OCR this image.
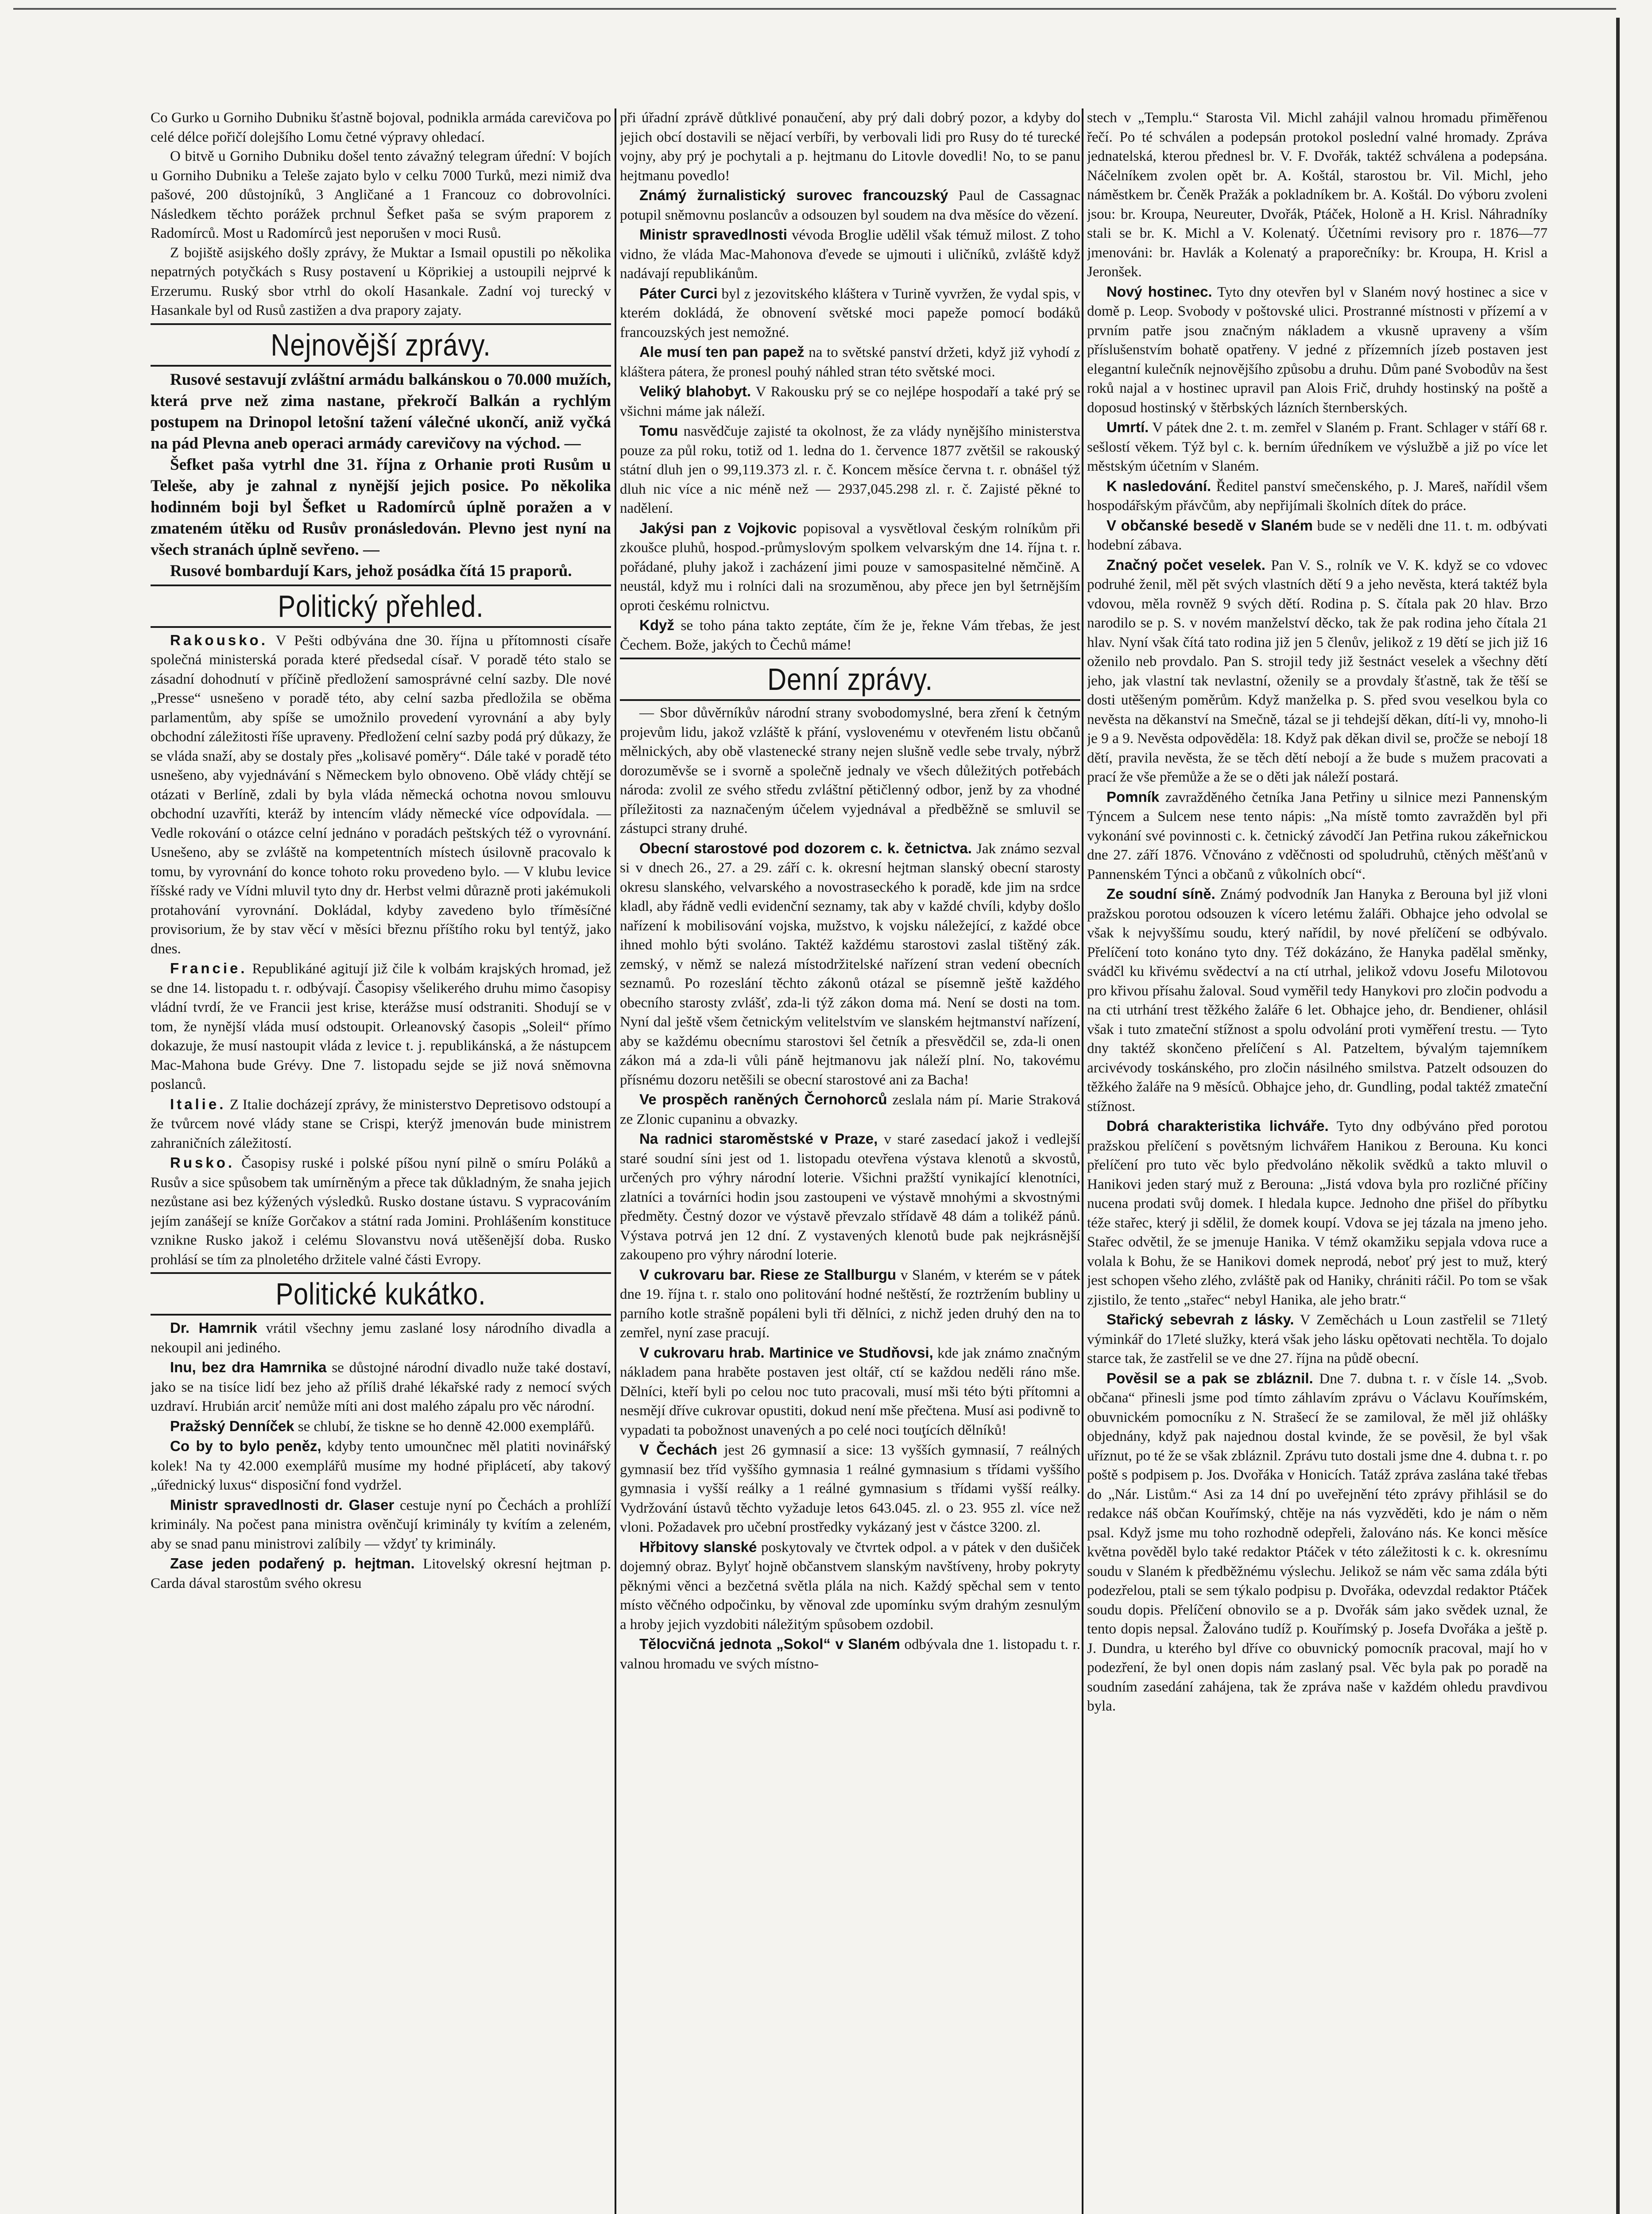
Co Gurko u Gorniho Dubniku šťastně bojoval, podnikla armáda carevičova po celé délce pořičí dolejšího Lomu četné výpravy ohledací.

O bitvě u Gorniho Dubniku došel tento závažný telegram úřední: V bojích u Gorniho Dubniku a Teleše zajato bylo v celku 7000 Turků, mezi nimiž dva pašové, 200 důstojníků, 3 Angličané a 1 Francouz co dobrovolníci. Následkem těchto porážek prchnul Šefket paša se svým praporem z Radomírců. Most u Radomírců jest neporušen v moci Rusů.

Z bojiště asijského došly zprávy, že Muktar a Ismail opustili po několika nepatrných potyčkách s Rusy postavení u Köprikiej a ustoupili nejprvé k Erzerumu. Ruský sbor vtrhl do okolí Hasankale. Zadní voj turecký v Hasankale byl od Rusů zastižen a dva prapory zajaty.

Nejnovější zprávy.

Rusové sestavují zvláštní armádu balkánskou o 70.000 mužích, která prve než zima nastane, překročí Balkán a rychlým postupem na Drinopol letošní tažení válečné ukončí, aniž vyčká na pád Plevna aneb operaci armády carevičovy na východ. —

Šefket paša vytrhl dne 31. října z Orhanie proti Rusům u Teleše, aby je zahnal z nynější jejich posice. Po několika hodinném boji byl Šefket u Radomírců úplně poražen a v zmateném útěku od Rusův pronásledován. Plevno jest nyní na všech stranách úplně sevřeno. —

Rusové bombardují Kars, jehož posádka čítá 15 praporů.

Politický přehled.

Rakousko. V Pešti odbývána dne 30. října u přítomnosti císaře společná ministerská porada které předsedal císař. V poradě této stalo se zásadní dohodnutí v příčině předložení samosprávné celní sazby. Dle nové „Presse“ usnešeno v poradě této, aby celní sazba předložila se oběma parlamentům, aby spíše se umožnilo provedení vyrovnání a aby byly obchodní záležitosti říše upraveny. Předložení celní sazby podá prý důkazy, že se vláda snaží, aby se dostaly přes „kolisavé poměry“. Dále také v poradě této usnešeno, aby vyjednávání s Německem bylo obnoveno. Obě vlády chtějí se otázati v Berlíně, zdali by byla vláda německá ochotna novou smlouvu obchodní uzavříti, kteráž by intencím vlády německé více odpovídala. — Vedle rokování o otázce celní jednáno v poradách peštských též o vyrovnání. Usnešeno, aby se zvláště na kompetentních místech úsilovně pracovalo k tomu, by vyrovnání do konce tohoto roku provedeno bylo. — V klubu levice říšské rady ve Vídni mluvil tyto dny dr. Herbst velmi důrazně proti jakémukoli protahování vyrovnání. Dokládal, kdyby zavedeno bylo tříměsíčné provisorium, že by stav věcí v měsíci březnu příštího roku byl tentýž, jako dnes.

Francie. Republikáné agitují již čile k volbám krajských hromad, jež se dne 14. listopadu t. r. odbývají. Časopisy všelikerého druhu mimo časopisy vládní tvrdí, že ve Francii jest krise, kterážse musí odstraniti. Shodují se v tom, že nynější vláda musí odstoupit. Orleanovský časopis „Soleil“ přímo dokazuje, že musí nastoupit vláda z levice t. j. republikánská, a že nástupcem Mac-Mahona bude Grévy. Dne 7. listopadu sejde se již nová sněmovna poslanců.

Italie. Z Italie docházejí zprávy, že ministerstvo Depretisovo odstoupí a že tvůrcem nové vlády stane se Crispi, kterýž jmenován bude ministrem zahraničních záležitostí.

Rusko. Časopisy ruské i polské píšou nyní pilně o smíru Poláků a Rusův a sice spůsobem tak umírněným a přece tak důkladným, že snaha jejich nezůstane asi bez kýžených výsledků. Rusko dostane ústavu. S vypracováním jejím zanášejí se kníže Gorčakov a státní rada Jomini. Prohlášením konstituce vznikne Rusko jakož i celému Slovanstvu nová utěšenější doba. Rusko prohlásí se tím za plnoletého držitele valné části Evropy.

Politické kukátko.

Dr. Hamrnik vrátil všechny jemu zaslané losy národního divadla a nekoupil ani jediného.

Inu, bez dra Hamrnika se důstojné národní divadlo nuže také dostaví, jako se na tisíce lidí bez jeho až příliš drahé lékařské rady z nemocí svých uzdraví. Hrubián arciť nemůže míti ani dost malého zápalu pro věc národní.

Pražský Denníček se chlubí, že tiskne se ho denně 42.000 exemplářů.

Co by to bylo peněz, kdyby tento umounčnec měl platiti novinářský kolek! Na ty 42.000 exemplářů musíme my hodné připlácetí, aby takový „úřednický luxus“ disposiční fond vydržel.

Ministr spravedlnosti dr. Glaser cestuje nyní po Čechách a prohlíží kriminály. Na počest pana ministra ověnčují kriminály ty kvítím a zeleném, aby se snad panu ministrovi zalíbily — vždyť ty kriminály.

Zase jeden podařený p. hejtman. Litovelský okresní hejtman p. Carda dával starostům svého okresu

při úřadní zprávě důtklivé ponaučení, aby prý dali dobrý pozor, a kdyby do jejich obcí dostavili se nějací verbíři, by verbovali lidi pro Rusy do té turecké vojny, aby prý je pochytali a p. hejtmanu do Litovle dovedli! No, to se panu hejtmanu povedlo!

Známý žurnalistický surovec francouzský Paul de Cassagnac potupil sněmovnu poslancův a odsouzen byl soudem na dva měsíce do vězení.

Ministr spravedlnosti vévoda Broglie udělil však témuž milost. Z toho vidno, že vláda Mac-Mahonova ďevede se ujmouti i uličníků, zvláště když nadávají republikánům.

Páter Curci byl z jezovitského kláštera v Turině vyvržen, že vydal spis, v kterém dokládá, že obnovení světské moci papeže pomocí bodáků francouzských jest nemožné.

Ale musí ten pan papež na to světské panství držeti, když již vyhodí z kláštera pátera, že pronesl pouhý náhled stran této světské moci.

Veliký blahobyt. V Rakousku prý se co nejlépe hospodaří a také prý se všichni máme jak náleží.

Tomu nasvědčuje zajisté ta okolnost, že za vlády nynějšího ministerstva pouze za půl roku, totiž od 1. ledna do 1. července 1877 zvětšil se rakouský státní dluh jen o 99,119.373 zl. r. č. Koncem měsíce června t. r. obnášel týž dluh nic více a nic méně než — 2937,045.298 zl. r. č. Zajisté pěkné to nadělení.

Jakýsi pan z Vojkovic popisoval a vysvětloval českým rolníkům při zkoušce pluhů, hospod.-průmyslovým spolkem velvarským dne 14. října t. r. pořádané, pluhy jakož i zacházení jimi pouze v samospasitelné němčině. A neustál, když mu i rolníci dali na srozuměnou, aby přece jen byl šetrnějším oproti českému rolnictvu.

Když se toho pána takto zeptáte, čím že je, řekne Vám třebas, že jest Čechem. Bože, jakých to Čechů máme!

Denní zprávy.

— Sbor důvěrníkův národní strany svobodomyslné, bera zření k četným projevům lidu, jakož vzláště k přání, vyslovenému v otevřeném listu občanů mělnických, aby obě vlastenecké strany nejen slušně vedle sebe trvaly, nýbrž dorozuměvše se i svorně a společně jednaly ve všech důležitých potřebách národa: zvolil ze svého středu zvláštní pětičlenný odbor, jenž by za vhodné příležitosti za naznačeným účelem vyjednával a předběžně se smluvil se zástupci strany druhé.

Obecní starostové pod dozorem c. k. četnictva. Jak známo sezval si v dnech 26., 27. a 29. září c. k. okresní hejtman slanský obecní starosty okresu slanského, velvarského a novostraseckého k poradě, kde jim na srdce kladl, aby řádně vedli evidenční seznamy, tak aby v každé chvíli, kdyby došlo nařízení k mobilisování vojska, mužstvo, k vojsku náležející, z každé obce ihned mohlo býti svoláno. Taktéž každému starostovi zaslal tištěný zák. zemský, v němž se nalezá místodržitelské nařízení stran vedení obecních seznamů. Po rozeslání těchto zákonů otázal se písemně ještě každého obecního starosty zvlášť, zda-li týž zákon doma má. Není se dosti na tom. Nyní dal ještě všem četnickým velitelstvím ve slanském hejtmanství nařízení, aby se každému obecnímu starostovi šel četník a přesvědčil se, zda-li onen zákon má a zda-li vůli páně hejtmanovu jak náleží plní. No, takovému přísnému dozoru netěšili se obecní starostové ani za Bacha!

Ve prospěch raněných Černohorců zeslala nám pí. Marie Straková ze Zlonic cupaninu a obvazky.

Na radnici staroměstské v Praze, v staré zasedací jakož i vedlejší staré soudní síni jest od 1. listopadu otevřena výstava klenotů a skvostů, určených pro výhry národní loterie. Všichni pražští vynikající klenotníci, zlatníci a továrníci hodin jsou zastoupeni ve výstavě mnohými a skvostnými předměty. Čestný dozor ve výstavě převzalo střídavě 48 dám a tolikéž pánů. Výstava potrvá jen 12 dní. Z vystavených klenotů bude pak nejkrásnější zakoupeno pro výhry národní loterie.

V cukrovaru bar. Riese ze Stallburgu v Slaném, v kterém se v pátek dne 19. října t. r. stalo ono politování hodné neštěstí, že roztržením bubliny u parního kotle strašně popáleni byli tři dělníci, z nichž jeden druhý den na to zemřel, nyní zase pracují.

V cukrovaru hrab. Martinice ve Studňovsi, kde jak známo značným nákladem pana hraběte postaven jest oltář, ctí se každou neděli ráno mše. Dělníci, kteří byli po celou noc tuto pracovali, musí mši této býti přítomni a nesmějí dříve cukrovar opustiti, dokud není mše přečtena. Musí asi podivně to vypadati ta pobožnost unavených a po celé noci touţících dělníků!

V Čechách jest 26 gymnasií a sice: 13 vyšších gymnasií, 7 reálných gymnasií bez tříd vyššího gymnasia 1 reálné gymnasium s třídami vyššího gymnasia i vyšší reálky a 1 reálné gymnasium s třídami vyšší reálky. Vydržování ústavů těchto vyžaduje leŧos 643.045. zl. o 23. 955 zl. více než vloni. Požadavek pro učební prostředky vykázaný jest v částce 3200. zl.

Hřbitovy slanské poskytovaly ve čtvrtek odpol. a v pátek v den dušiček dojemný obraz. Bylyť hojně občanstvem slanským navštíveny, hroby pokryty pěknými věnci a bezčetná světla plála na nich. Každý spěchal sem v tento místo věčného odpočinku, by věnoval zde upomínku svým drahým zesnulým a hroby jejich vyzdobiti náležitým spůsobem ozdobil.

Tělocvičná jednota „Sokol“ v Slaném odbývala dne 1. listopadu t. r. valnou hromadu ve svých místno-

stech v „Templu.“ Starosta Vil. Michl zahájil valnou hromadu přiměřenou řečí. Po té schválen a podepsán protokol poslední valné hromady. Zpráva jednatelská, kterou přednesl br. V. F. Dvořák, taktéž schválena a podepsána. Náčelníkem zvolen opět br. A. Koštál, starostou br. Vil. Michl, jeho náměstkem br. Čeněk Pražák a pokladníkem br. A. Koštál. Do výboru zvoleni jsou: br. Kroupa, Neureuter, Dvořák, Ptáček, Holoně a H. Krisl. Náhradníky stali se br. K. Michl a V. Kolenatý. Účetními revisory pro r. 1876—77 jmenováni: br. Havlák a Kolenatý a praporečníky: br. Kroupa, H. Krisl a Jeronšek.

Nový hostinec. Tyto dny otevřen byl v Slaném nový hostinec a sice v domě p. Leop. Svobody v poštovské ulici. Prostranné místnosti v přízemí a v prvním patře jsou značným nákladem a vkusně upraveny a vším příslušenstvím bohatě opatřeny. V jedné z přízemních jízeb postaven jest elegantní kulečník nejnovějšího způsobu a druhu. Dům pané Svobodův na šest roků najal a v hostinec upravil pan Alois Frič, druhdy hostinský na poště a doposud hostinský v štěrbských lázních šternberských.

Umrtí. V pátek dne 2. t. m. zemřel v Slaném p. Frant. Schlager v stáří 68 r. sešlostí věkem. Týž byl c. k. berním úředníkem ve výslužbě a již po více let městským účetním v Slaném.

K nasledování. Ředitel panství smečenského, p. J. Mareš, nařídil všem hospodářským přávčům, aby nepřijímali školních dítek do práce.

V občanské besedě v Slaném bude se v neděli dne 11. t. m. odbývati hodební zábava.

Značný počet veselek. Pan V. S., rolník ve V. K. když se co vdovec podruhé ženil, měl pět svých vlastních dětí 9 a jeho nevěsta, která taktéž byla vdovou, měla rovněž 9 svých dětí. Rodina p. S. čítala pak 20 hlav. Brzo narodilo se p. S. v novém manželství děcko, tak že pak rodina jeho čítala 21 hlav. Nyní však čítá tato rodina již jen 5 členův, jelikož z 19 dětí se jich již 16 oženilo neb provdalo. Pan S. strojil tedy již šestnáct veselek a všechny dětí jeho, jak vlastní tak nevlastní, oženily se a provdaly šťastně, tak že těší se dosti utěšeným poměrům. Když manželka p. S. před svou veselkou byla co nevěsta na děkanství na Smečně, tázal se ji tehdejší děkan, dítí-li vy, mnoho-li je 9 a 9. Nevěsta odpověděla: 18. Když pak děkan divil se, pročže se nebojí 18 dětí, pravila nevěsta, že se těch dětí nebojí a že bude s mužem pracovati a prací že vše přemůže a že se o děti jak náleží postará.

Pomník zavražděného četníka Jana Petřiny u silnice mezi Pannenským Týncem a Sulcem nese tento nápis: „Na místě tomto zavražděn byl při vykonání své povinnosti c. k. četnický závodčí Jan Petřina rukou zákeřnickou dne 27. září 1876. Včnováno z vděčnosti od spoludruhů, ctěných měšťanů v Pannenském Týnci a občanů z vůkolních obcí“.

Ze soudní síně. Známý podvodník Jan Hanyka z Berouna byl již vloni pražskou porotou odsouzen k vícero letému žaláři. Obhajce jeho odvolal se však k nejvyššímu soudu, který nařídil, by nové přelíčení se odbývalo. Přelíčení toto konáno tyto dny. Též dokázáno, že Hanyka padělal směnky, svádčl ku křivému svědectví a na ctí utrhal, jelikož vdovu Josefu Milotovou pro křivou přísahu žaloval. Soud vyměřil tedy Hanykovi pro zločin podvodu a na cti utrhání trest těžkého žaláře 6 let. Obhajce jeho, dr. Bendiener, ohlásil však i tuto zmateční stížnost a spolu odvolání proti vyměření trestu. — Tyto dny taktéž skončeno přelíčení s Al. Patzeltem, bývalým tajemníkem arcivévody toskánského, pro zločin násilného smilstva. Patzelt odsouzen do těžkého žaláře na 9 měsíců. Obhajce jeho, dr. Gundling, podal taktéž zmateční stížnost.

Dobrá charakteristika lichváře. Tyto dny odbýváno před porotou pražskou přelíčení s povětsným lichvářem Hanikou z Berouna. Ku konci přelíčení pro tuto věc bylo předvoláno několik svědků a takto mluvil o Hanikovi jeden starý muž z Berouna: „Jistá vdova byla pro rozličné příčiny nucena prodati svůj domek. I hledala kupce. Jednoho dne přišel do příbytku téže stařec, který ji sdělil, že domek koupí. Vdova se jej tázala na jmeno jeho. Stařec odvětil, že se jmenuje Hanika. V témž okamžiku sepjala vdova ruce a volala k Bohu, že se Hanikovi domek neprodá, neboť prý jest to muž, který jest schopen všeho zlého, zvláště pak od Haniky, chrániti ráčil. Po tom se však zjistilo, že tento „stařec“ nebyl Hanika, ale jeho bratr.“

Stařický sebevrah z lásky. V Zeměchách u Loun zastřelil se 71letý výminkář do 17leté služky, která však jeho lásku opětovati nechtěla. To dojalo starce tak, že zastřelil se ve dne 27. října na půdě obecní.

Pověsil se a pak se zbláznil. Dne 7. dubna t. r. v čísle 14. „Svob. občana“ přinesli jsme pod tímto záhlavím zprávu o Václavu Kouřímském, obuvnickém pomocníku z N. Strašecí že se zamiloval, že měl již ohlášky objednány, když pak najednou dostal kvinde, že se pověsil, že byl však uříznut, po té že se však zbláznil. Zprávu tuto dostali jsme dne 4. dubna t. r. po poště s podpisem p. Jos. Dvořáka v Honicích. Tatáž zpráva zaslána také třebas do „Nár. Listům.“ Asi za 14 dní po uveřejnění této zprávy přihlásil se do redakce náš občan Kouřímský, chtěje na nás vyzvěděti, kdo je nám o něm psal. Když jsme mu toho rozhodně odepřeli, žalováno nás. Ke konci měsíce května pověděl bylo také redaktor Ptáček v této záležitosti k c. k. okresnímu soudu v Slaném k předběžnému výslechu. Jelikož se nám věc sama zdála býti podezřelou, ptali se sem týkalo podpisu p. Dvořáka, odevzdal redaktor Ptáček soudu dopis. Přelíčení obnovilo se a p. Dvořák sám jako svědek uznal, že tento dopis nepsal. Žalováno tudíž p. Kouřímský p. Josefa Dvořáka a ještě p. J. Dundra, u kterého byl dříve co obuvnický pomocník pracoval, mají ho v podezření, že byl onen dopis nám zaslaný psal. Věc byla pak po poradě na soudním zasedání zahájena, tak že zpráva naše v každém ohledu pravdivou byla.
